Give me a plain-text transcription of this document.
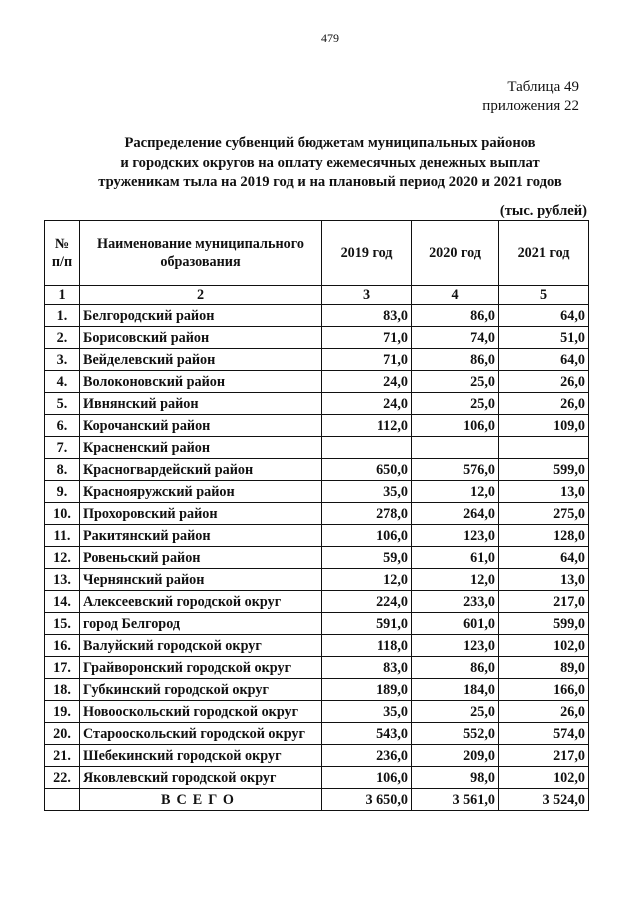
479
Таблица 49
приложения 22
Распределение субвенций бюджетам муниципальных районов
и городских округов на оплату ежемесячных денежных выплат
труженикам тыла на 2019 год и на плановый период 2020 и 2021 годов
(тыс. рублей)
№ п/п	Наименование муниципального образования	2019 год	2020 год	2021 год
1	2	3	4	5
1.	Белгородский район	83,0	86,0	64,0
2.	Борисовский район	71,0	74,0	51,0
3.	Вейделевский район	71,0	86,0	64,0
4.	Волоконовский район	24,0	25,0	26,0
5.	Ивнянский район	24,0	25,0	26,0
6.	Корочанский район	112,0	106,0	109,0
7.	Красненский район			
8.	Красногвардейский район	650,0	576,0	599,0
9.	Краснояружский район	35,0	12,0	13,0
10.	Прохоровский район	278,0	264,0	275,0
11.	Ракитянский район	106,0	123,0	128,0
12.	Ровеньский район	59,0	61,0	64,0
13.	Чернянский район	12,0	12,0	13,0
14.	Алексеевский городской округ	224,0	233,0	217,0
15.	город Белгород	591,0	601,0	599,0
16.	Валуйский городской округ	118,0	123,0	102,0
17.	Грайворонский городской округ	83,0	86,0	89,0
18.	Губкинский городской округ	189,0	184,0	166,0
19.	Новооскольский городской округ	35,0	25,0	26,0
20.	Старооскольский городской округ	543,0	552,0	574,0
21.	Шебекинский городской округ	236,0	209,0	217,0
22.	Яковлевский городской округ	106,0	98,0	102,0
	ВСЕГО	3 650,0	3 561,0	3 524,0
